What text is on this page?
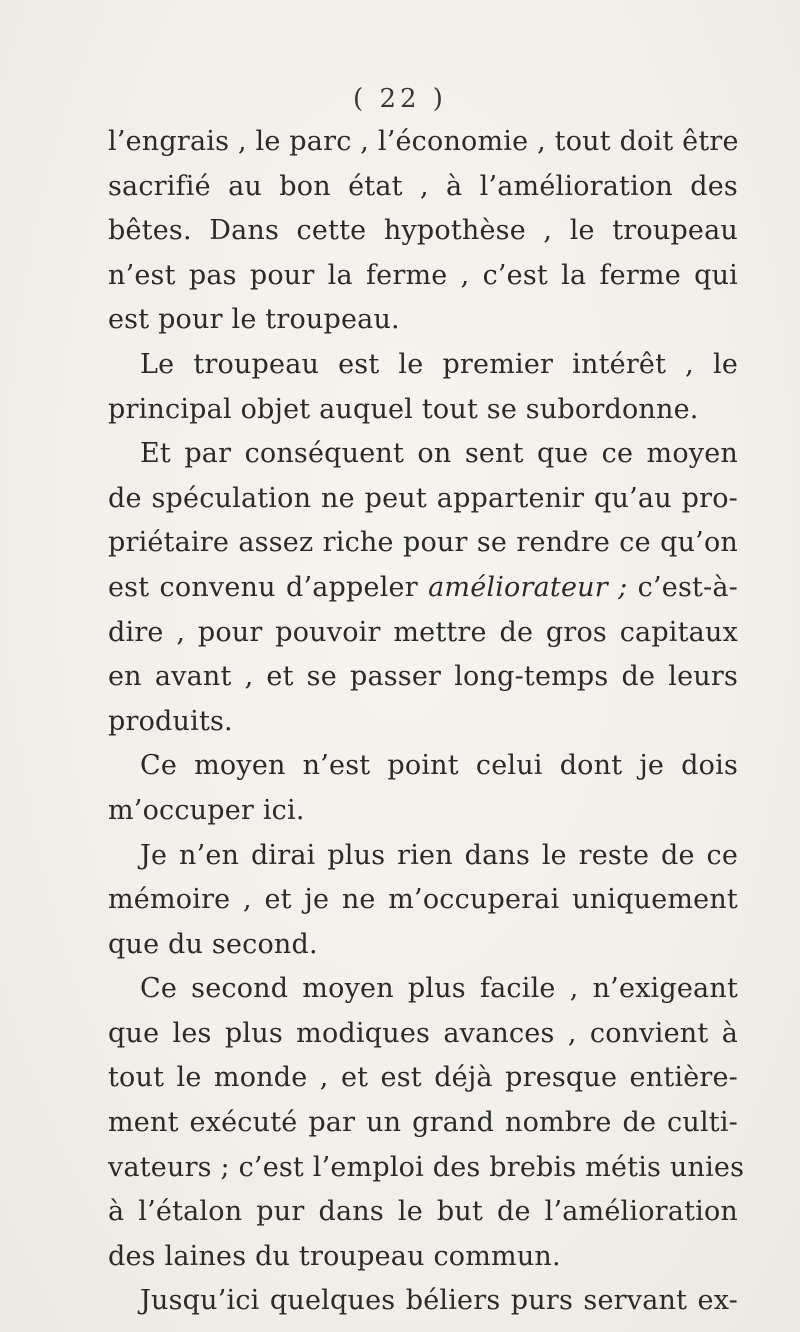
( 22 )
l’engrais , le parc , l’économie , tout doit être
sacrifié au bon état , à l’amélioration des
bêtes. Dans cette hypothèse , le troupeau
n’est pas pour la ferme , c’est la ferme qui
est pour le troupeau.
Le troupeau est le premier intérêt , le
principal objet auquel tout se subordonne.
Et par conséquent on sent que ce moyen
de spéculation ne peut appartenir qu’au pro-
priétaire assez riche pour se rendre ce qu’on
est convenu d’appeler améliorateur ; c’est-à-
dire , pour pouvoir mettre de gros capitaux
en avant , et se passer long-temps de leurs
produits.
Ce moyen n’est point celui dont je dois
m’occuper ici.
Je n’en dirai plus rien dans le reste de ce
mémoire , et je ne m’occuperai uniquement
que du second.
Ce second moyen plus facile , n’exigeant
que les plus modiques avances , convient à
tout le monde , et est déjà presque entière-
ment exécuté par un grand nombre de culti-
vateurs ; c’est l’emploi des brebis métis unies
à l’étalon pur dans le but de l’amélioration
des laines du troupeau commun.
Jusqu’ici quelques béliers purs servant ex-
